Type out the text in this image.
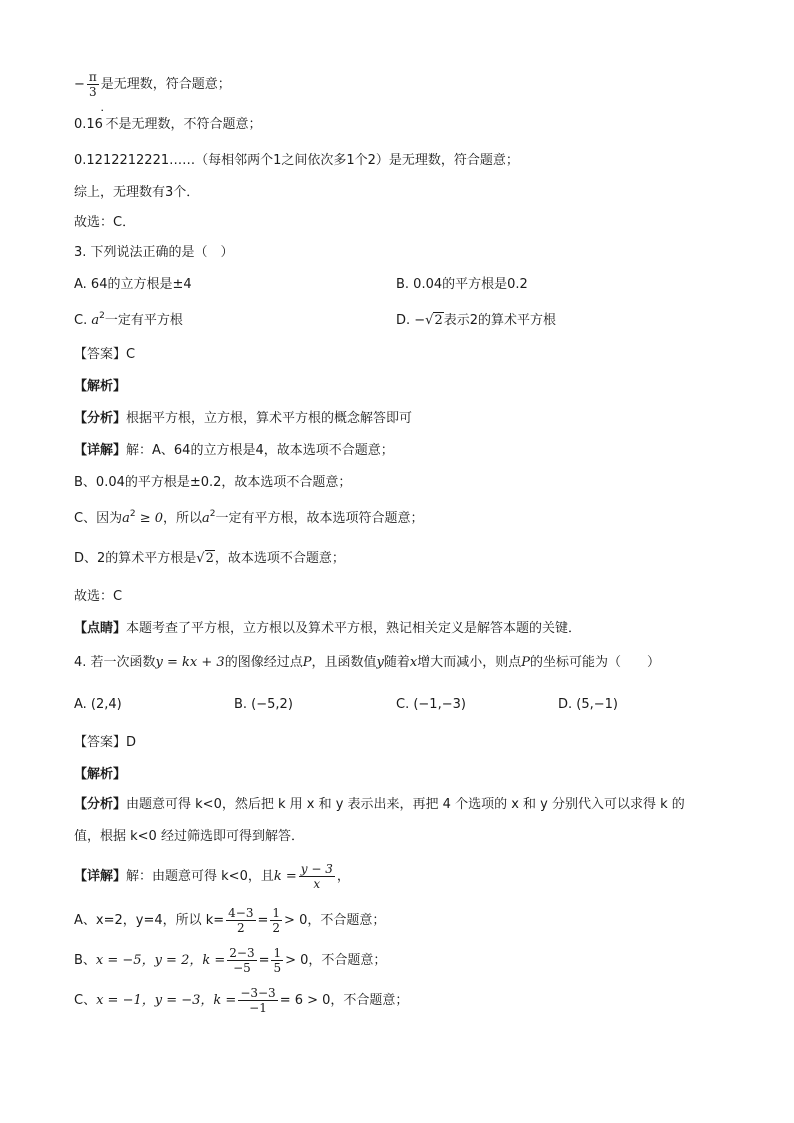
− $\frac{\pi}{3}$ 是无理数，符合题意；
0.16˙不是无理数，不符合题意；
0.1212212221……（每相邻两个1之间依次多1个2）是无理数，符合题意；
综上，无理数有3个．
故选：C．
3. 下列说法正确的是（　）
A. 64的立方根是±4	B. 0.04的平方根是0.2
C. $a^2$一定有平方根	D. −√2表示2的算术平方根
【答案】C
【解析】
【分析】根据平方根，立方根，算术平方根的概念解答即可
【详解】解：A、64的立方根是4，故本选项不合题意；
B、0.04的平方根是±0.2，故本选项不合题意；
C、因为$a^2 \ge 0$，所以$a^2$一定有平方根，故本选项符合题意；
D、2的算术平方根是√2，故本选项不合题意；
故选：C
【点睛】本题考查了平方根，立方根以及算术平方根，熟记相关定义是解答本题的关键．
4. 若一次函数y = kx + 3的图像经过点P，且函数值y随着x增大而减小，则点P的坐标可能为（　　）
A. (2,4)	B. (−5,2)	C. (−1,−3)	D. (5,−1)
【答案】D
【解析】
【分析】由题意可得 k<0，然后把 k 用 x 和 y 表示出来，再把 4 个选项的 x 和 y 分别代入可以求得 k 的
值，根据 k<0 经过筛选即可得到解答．
【详解】解：由题意可得 k<0，且$k = \frac{y - 3}{x}$ ，
A、x=2，y=4，所以 $k= \frac{4-3}{2} = \frac{1}{2} > 0$，不合题意；
B、x = −5，y = 2，$k = \frac{2-3}{-5} = \frac{1}{5} > 0$，不合题意；
C、x = −1，y = −3，$k = \frac{-3-3}{-1} = 6 > 0$，不合题意；
